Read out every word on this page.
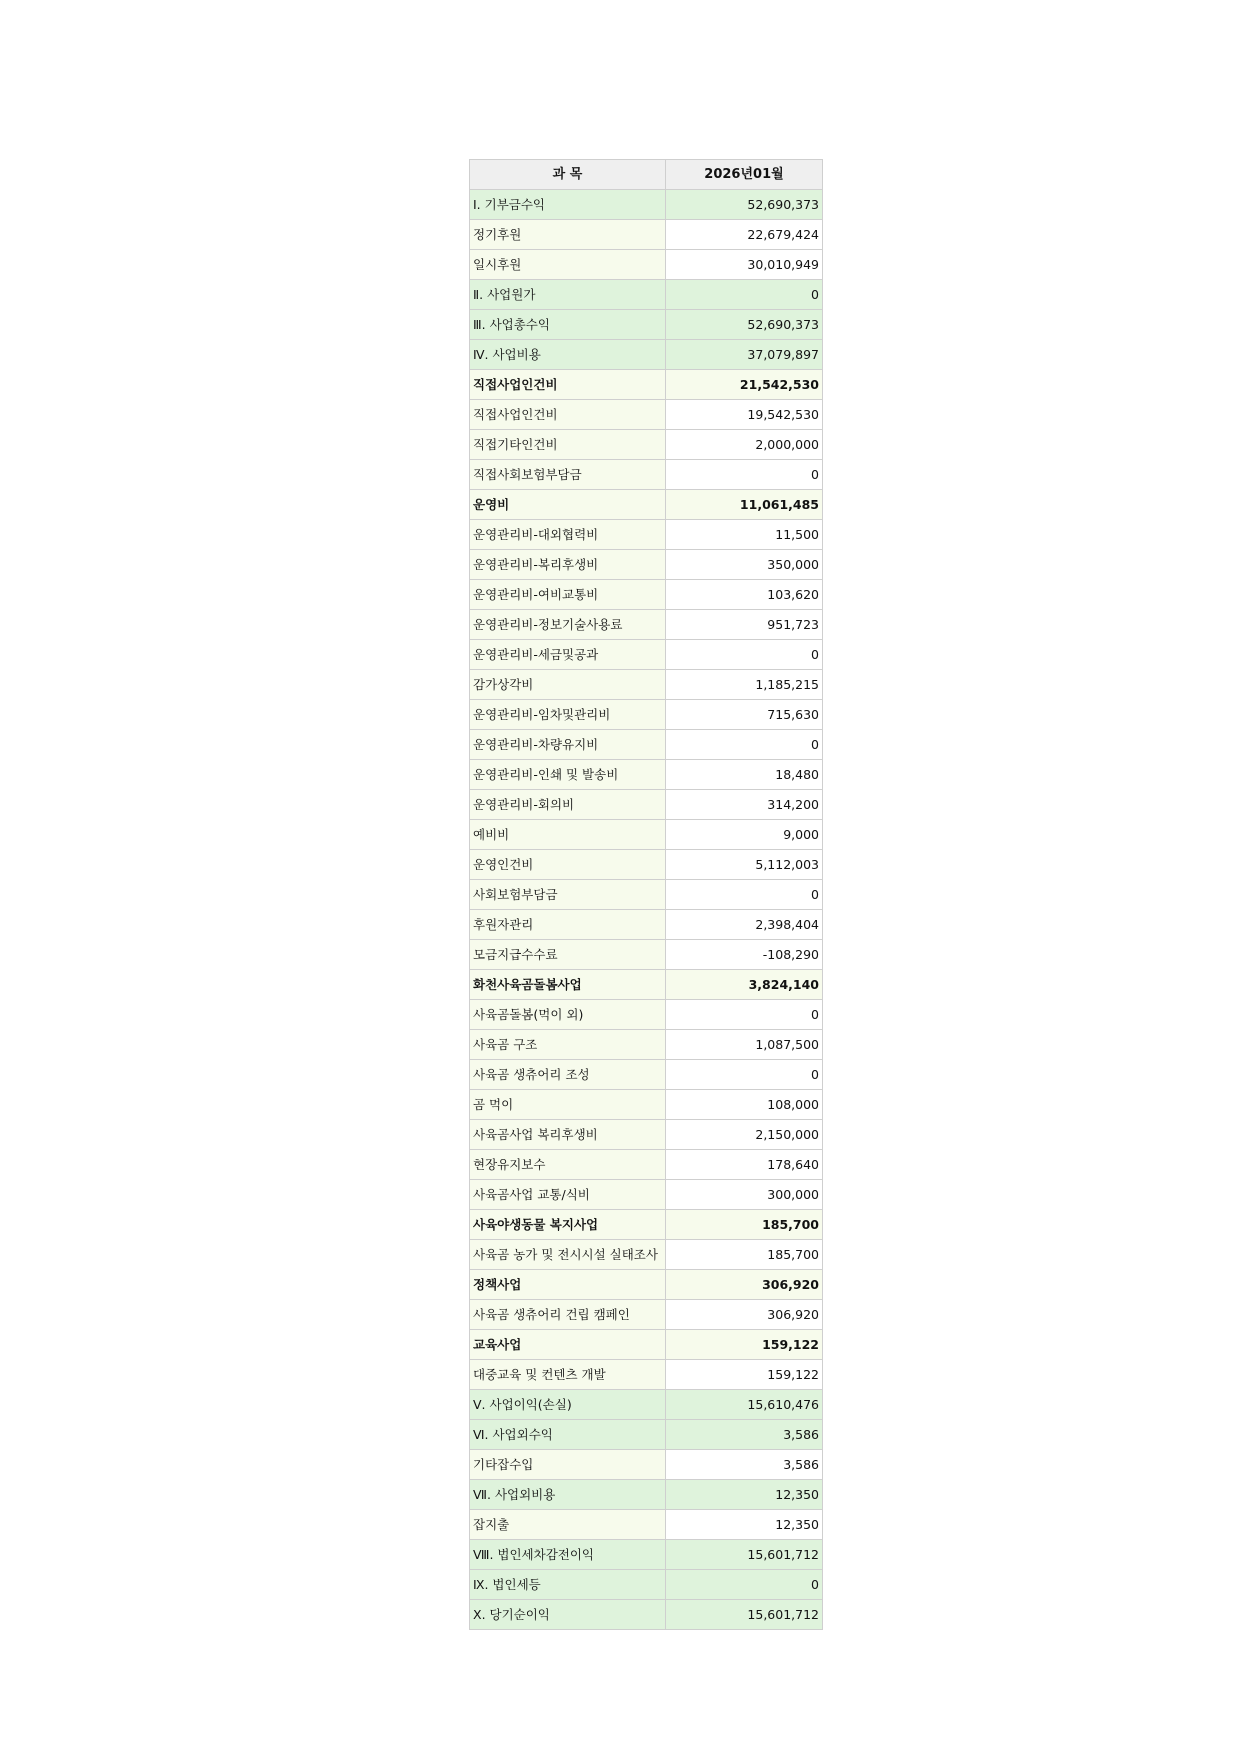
과 목	2026년01월
Ⅰ. 기부금수익	52,690,373
정기후원	22,679,424
일시후원	30,010,949
Ⅱ. 사업원가	0
Ⅲ. 사업총수익	52,690,373
Ⅳ. 사업비용	37,079,897
직접사업인건비	21,542,530
직접사업인건비	19,542,530
직접기타인건비	2,000,000
직접사회보험부담금	0
운영비	11,061,485
운영관리비-대외협력비	11,500
운영관리비-복리후생비	350,000
운영관리비-여비교통비	103,620
운영관리비-정보기술사용료	951,723
운영관리비-세금및공과	0
감가상각비	1,185,215
운영관리비-임차및관리비	715,630
운영관리비-차량유지비	0
운영관리비-인쇄 및 발송비	18,480
운영관리비-회의비	314,200
예비비	9,000
운영인건비	5,112,003
사회보험부담금	0
후원자관리	2,398,404
모금지급수수료	-108,290
화천사육곰돌봄사업	3,824,140
사육곰돌봄(먹이 외)	0
사육곰 구조	1,087,500
사육곰 생츄어리 조성	0
곰 먹이	108,000
사육곰사업 복리후생비	2,150,000
현장유지보수	178,640
사육곰사업 교통/식비	300,000
사육야생동물 복지사업	185,700
사육곰 농가 및 전시시설 실태조사	185,700
정책사업	306,920
사육곰 생츄어리 건립 캠페인	306,920
교육사업	159,122
대중교육 및 컨텐츠 개발	159,122
Ⅴ. 사업이익(손실)	15,610,476
Ⅵ. 사업외수익	3,586
기타잡수입	3,586
Ⅶ. 사업외비용	12,350
잡지출	12,350
Ⅷ. 법인세차감전이익	15,601,712
Ⅸ. 법인세등	0
Ⅹ. 당기순이익	15,601,712
